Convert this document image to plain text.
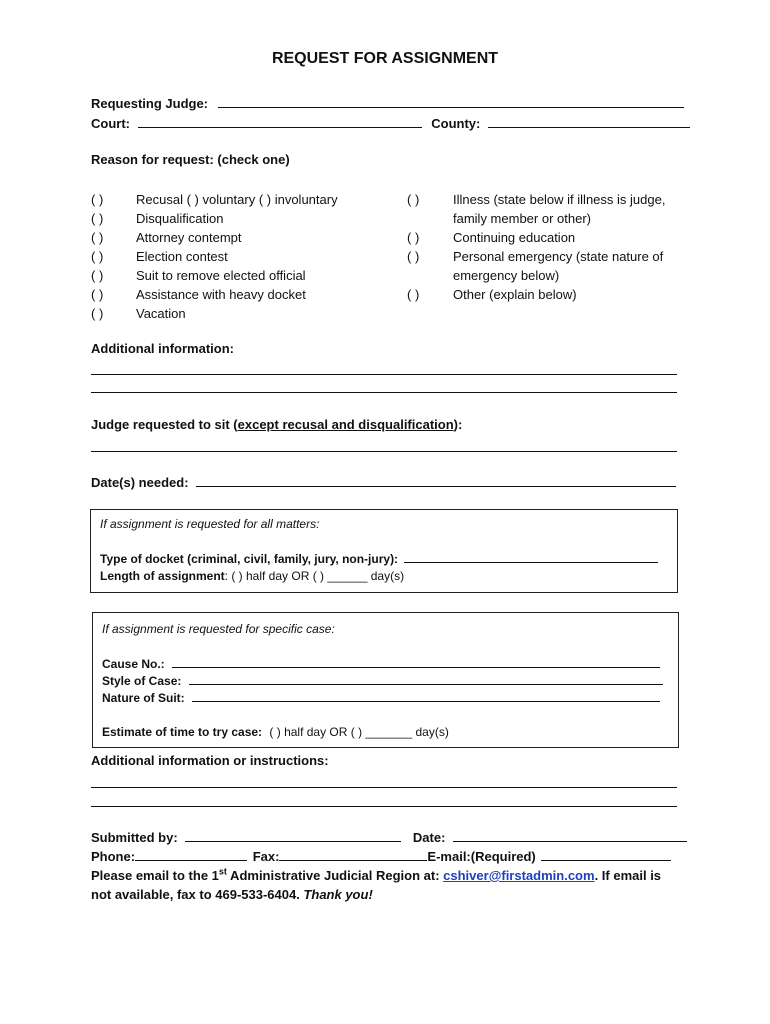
REQUEST FOR ASSIGNMENT
Requesting Judge:
Court:	County:
Reason for request: (check one)
( )	Recusal ( ) voluntary ( ) involuntary
( )	Disqualification
( )	Attorney contempt
( )	Election contest
( )	Suit to remove elected official
( )	Assistance with heavy docket
( )	Vacation
( )	Illness (state below if illness is judge,
family member or other)
( )	Continuing education
( )	Personal emergency (state nature of
emergency below)
( )	Other (explain below)
Additional information:
Judge requested to sit (except recusal and disqualification):
Date(s) needed:
If assignment is requested for all matters:
Type of docket (criminal, civil, family, jury, non-jury):
Length of assignment: ( ) half day OR ( ) ______ day(s)
If assignment is requested for specific case:
Cause No.:
Style of Case:
Nature of Suit:
Estimate of time to try case: ( ) half day OR ( ) _______ day(s)
Additional information or instructions:
Submitted by:	Date:
Phone:	Fax:	E-mail:(Required)
Please email to the 1st Administrative Judicial Region at: cshiver@firstadmin.com. If email is
not available, fax to 469-533-6404. Thank you!
